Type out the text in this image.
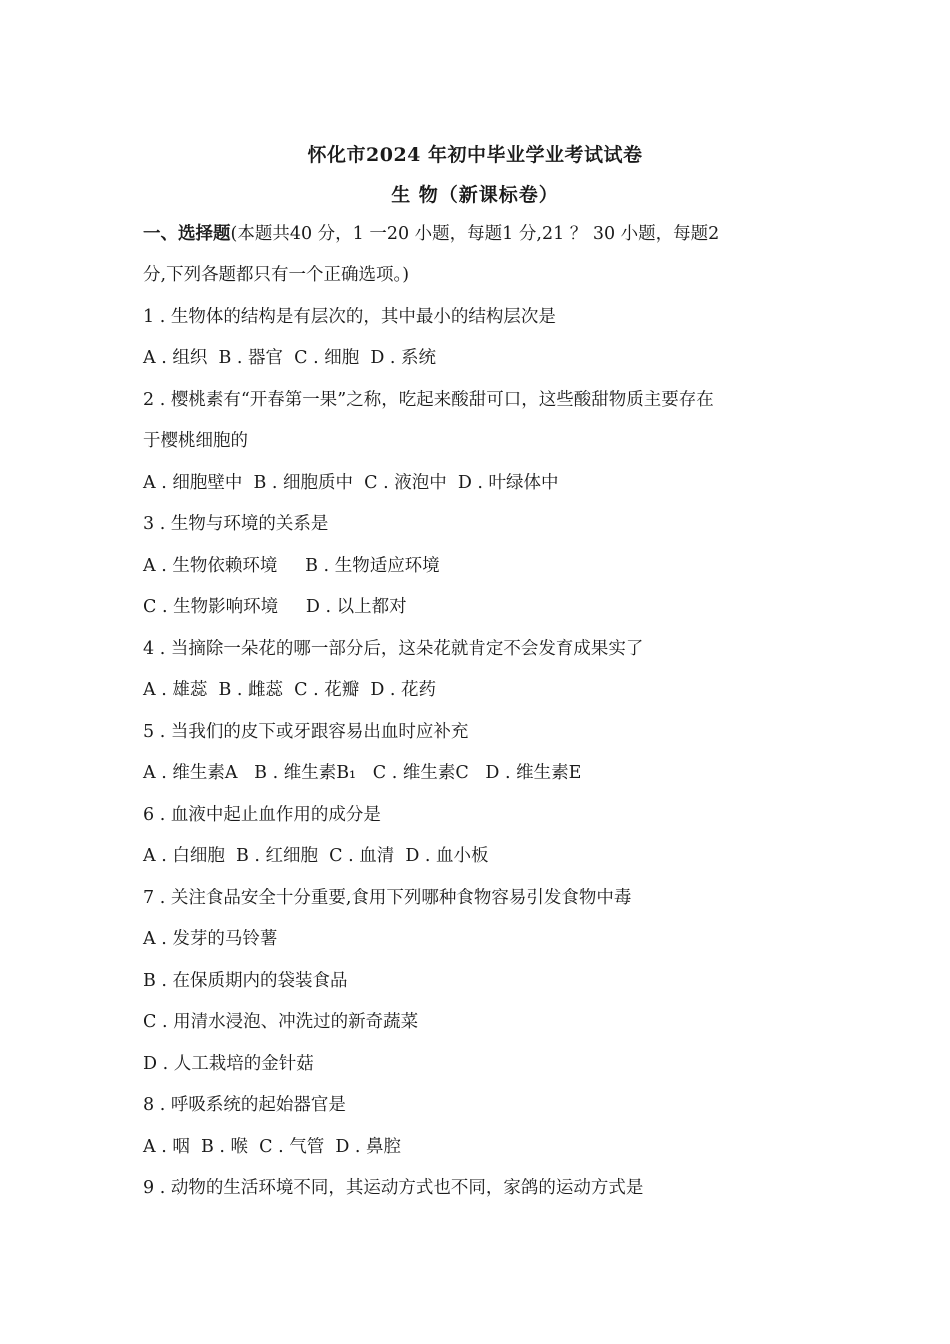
怀化市2024 年初中毕业学业考试试卷
生 物（新课标卷）
一、选择题(本题共40 分，1 一20 小题，每题1 分,21 ？ 30 小题，每题2
分,下列各题都只有一个正确选项。)
1 . 生物体的结构是有层次的，其中最小的结构层次是
A . 组织  B . 器官  C . 细胞  D . 系统
2 . 樱桃素有“开春第一果”之称，吃起来酸甜可口，这些酸甜物质主要存在
于樱桃细胞的
A . 细胞壁中  B . 细胞质中  C . 液泡中  D . 叶绿体中
3 . 生物与环境的关系是
A . 生物依赖环境     B . 生物适应环境
C . 生物影响环境     D . 以上都对
4 . 当摘除一朵花的哪一部分后，这朵花就肯定不会发育成果实了
A . 雄蕊  B . 雌蕊  C . 花瓣  D . 花药
5 . 当我们的皮下或牙跟容易出血时应补充
A . 维生素A   B . 维生素B₁   C . 维生素C   D . 维生素E
6 . 血液中起止血作用的成分是
A . 白细胞  B . 红细胞  C . 血清  D . 血小板
7 . 关注食品安全十分重要,食用下列哪种食物容易引发食物中毒
A . 发芽的马铃薯
B . 在保质期内的袋装食品
C . 用清水浸泡、冲洗过的新奇蔬菜
D . 人工栽培的金针菇
8 . 呼吸系统的起始器官是
A . 咽  B . 喉  C . 气管  D . 鼻腔
9 . 动物的生活环境不同，其运动方式也不同，家鸽的运动方式是
